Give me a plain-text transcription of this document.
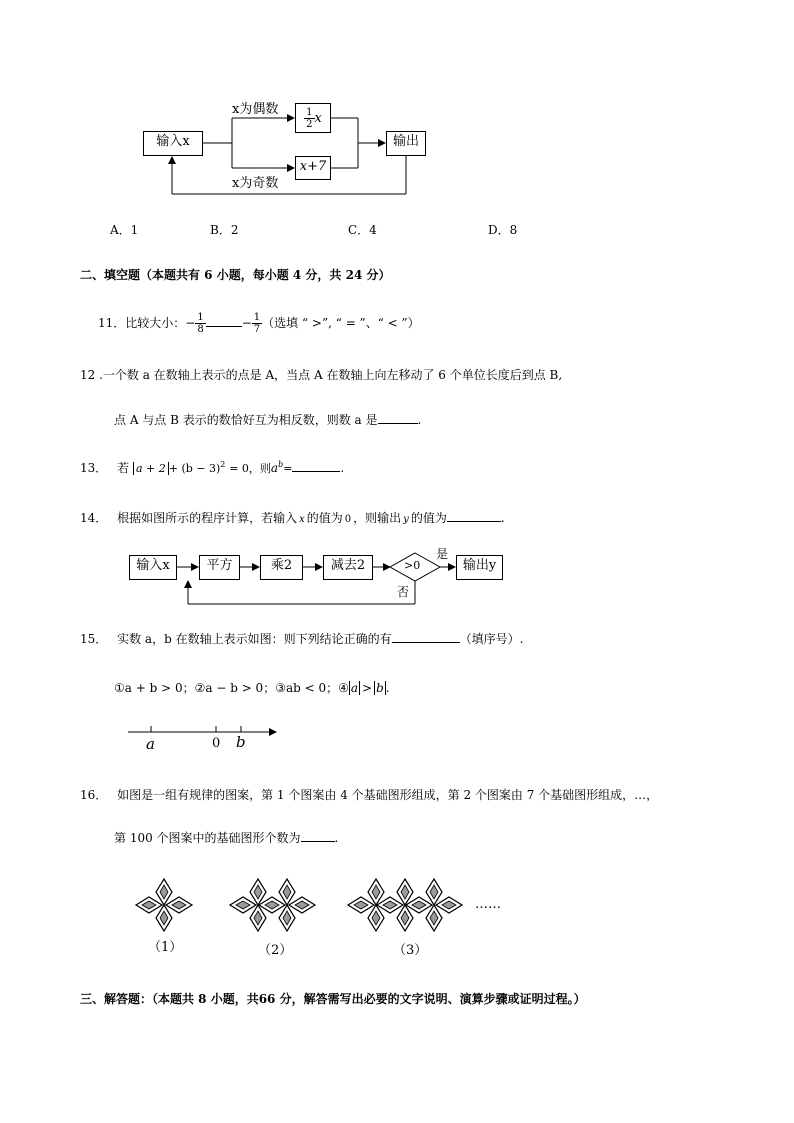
输入x
x为偶数	$\frac{1}{2}$ x
x+7
x为奇数
输出
A．1	B．2	C．4	D．8
二、填空题（本题共有 6 小题，每小题 4 分，共 24 分）
11．比较大小：− $\frac{1}{8}$	− $\frac{1}{7}$ （选填 “ >”, “ = ”、“ < ”）
12 .一个数 a 在数轴上表示的点是 A，当点 A 在数轴上向左移动了 6 个单位长度后到点 B,
点 A 与点 B 表示的数恰好互为相反数，则数 a 是	.
13． 若 $a + 2 + (b - 3)^2 = 0$，则$a^b=$	.
14． 根据如图所示的程序计算，若输入 x 的值为 0 ，则输出 y 的值为	.
输入x	平方	乘2	减去2	>0
是
否
输出y
15． 实数 a，b 在数轴上表示如图：则下列结论正确的有	（填序号）.
①a + b > 0；②a − b > 0；③ab < 0；④ a > b .
a	0 b
16． 如图是一组有规律的图案，第 1 个图案由 4 个基础图形组成，第 2 个图案由 7 个基础图形组成，…，
第 100 个图案中的基础图形个数为	.
……
（1）	（2）	（3）
三、解答题：（本题共 8 小题，共66 分，解答需写出必要的文字说明、演算步骤或证明过程。）
